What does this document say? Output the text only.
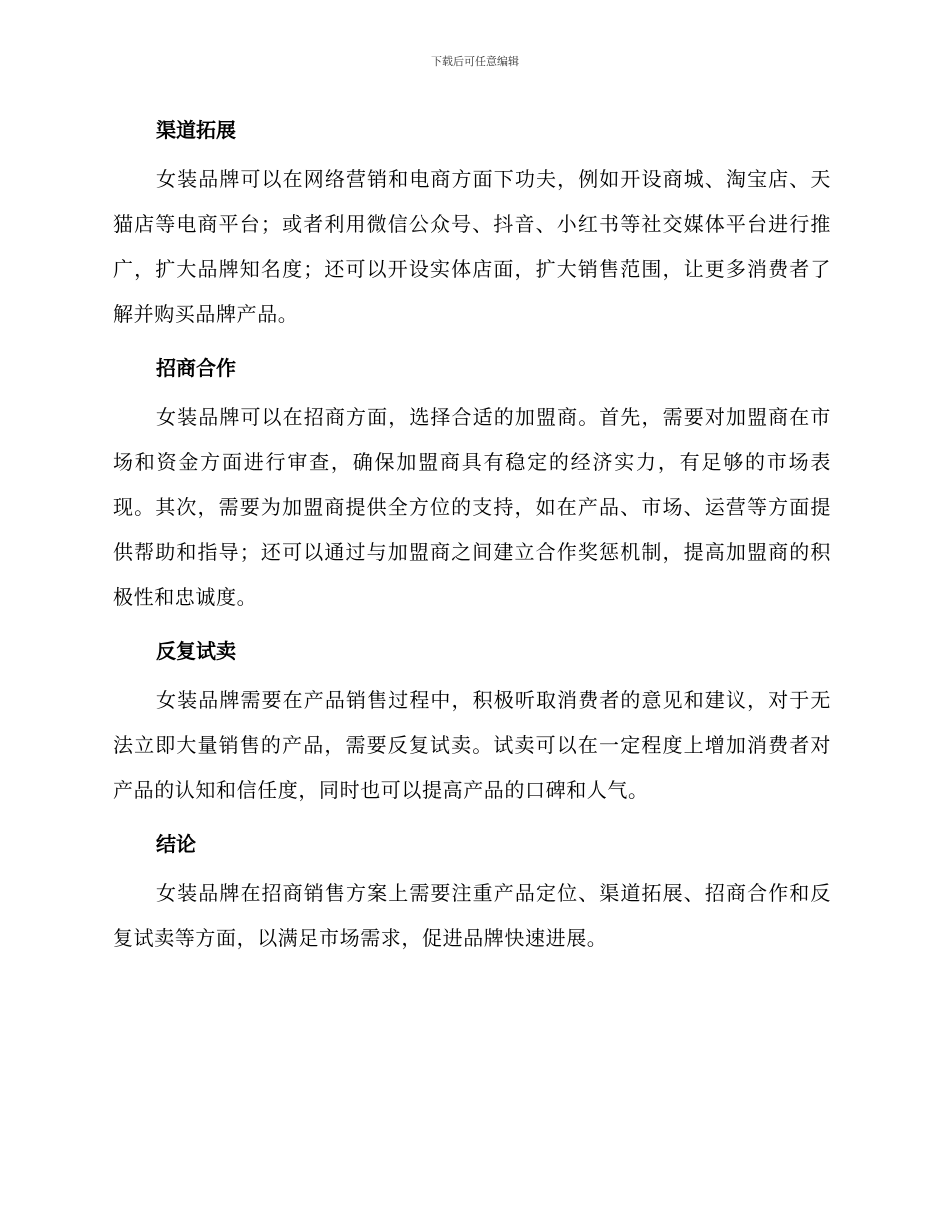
下载后可任意编辑
渠道拓展

女装品牌可以在网络营销和电商方面下功夫，例如开设商城、淘宝店、天猫店等电商平台；或者利用微信公众号、抖音、小红书等社交媒体平台进行推广，扩大品牌知名度；还可以开设实体店面，扩大销售范围，让更多消费者了解并购买品牌产品。

招商合作

女装品牌可以在招商方面，选择合适的加盟商。首先，需要对加盟商在市场和资金方面进行审查，确保加盟商具有稳定的经济实力，有足够的市场表现。其次，需要为加盟商提供全方位的支持，如在产品、市场、运营等方面提供帮助和指导；还可以通过与加盟商之间建立合作奖惩机制，提高加盟商的积极性和忠诚度。

反复试卖

女装品牌需要在产品销售过程中，积极听取消费者的意见和建议，对于无法立即大量销售的产品，需要反复试卖。试卖可以在一定程度上增加消费者对产品的认知和信任度，同时也可以提高产品的口碑和人气。

结论

女装品牌在招商销售方案上需要注重产品定位、渠道拓展、招商合作和反复试卖等方面，以满足市场需求，促进品牌快速进展。
